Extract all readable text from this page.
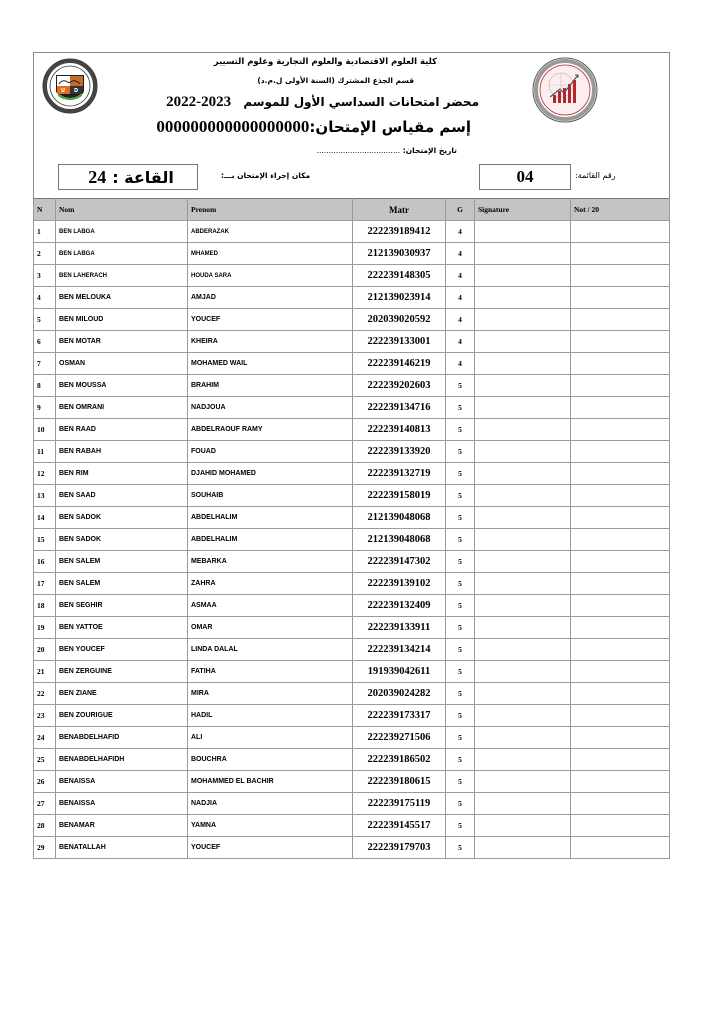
U D
كلية العلوم الاقتصادية والعلوم التجارية وعلوم التسيير
قسم الجذع المشترك (السنة الأولى ل.م.د)
محضر امتحانات السداسي الأول للموسم 2022-2023
إسم مقياس الإمتحان:000000000000000000
تاريخ الإمتحان: ...................................
القاعة :
24	مكان إجراء الإمتحان بـــ:	04	رقم القائمة:
N	Nom	Prenom	Matr	G	Signature	Not / 20
1	BEN LABGA	ABDERAZAK	222239189412	4		
2	BEN LABGA	MHAMED	212139030937	4		
3	BEN LAHERACH	HOUDA SARA	222239148305	4		
4	BEN MELOUKA	AMJAD	212139023914	4		
5	BEN MILOUD	YOUCEF	202039020592	4		
6	BEN MOTAR	KHEIRA	222239133001	4		
7	OSMAN	MOHAMED WAIL	222239146219	4		
8	BEN MOUSSA	BRAHIM	222239202603	5		
9	BEN OMRANI	NADJOUA	222239134716	5		
10	BEN RAAD	ABDELRAOUF RAMY	222239140813	5		
11	BEN RABAH	FOUAD	222239133920	5		
12	BEN RIM	DJAHID MOHAMED	222239132719	5		
13	BEN SAAD	SOUHAIB	222239158019	5		
14	BEN SADOK	ABDELHALIM	212139048068	5		
15	BEN SADOK	ABDELHALIM	212139048068	5		
16	BEN SALEM	MEBARKA	222239147302	5		
17	BEN SALEM	ZAHRA	222239139102	5		
18	BEN SEGHIR	ASMAA	222239132409	5		
19	BEN YATTOE	OMAR	222239133911	5		
20	BEN YOUCEF	LINDA DALAL	222239134214	5		
21	BEN ZERGUINE	FATIHA	191939042611	5		
22	BEN ZIANE	MIRA	202039024282	5		
23	BEN ZOURIGUE	HADIL	222239173317	5		
24	BENABDELHAFID	ALI	222239271506	5		
25	BENABDELHAFIDH	BOUCHRA	222239186502	5		
26	BENAISSA	MOHAMMED EL BACHIR	222239180615	5		
27	BENAISSA	NADJIA	222239175119	5		
28	BENAMAR	YAMNA	222239145517	5		
29	BENATALLAH	YOUCEF	222239179703	5		
